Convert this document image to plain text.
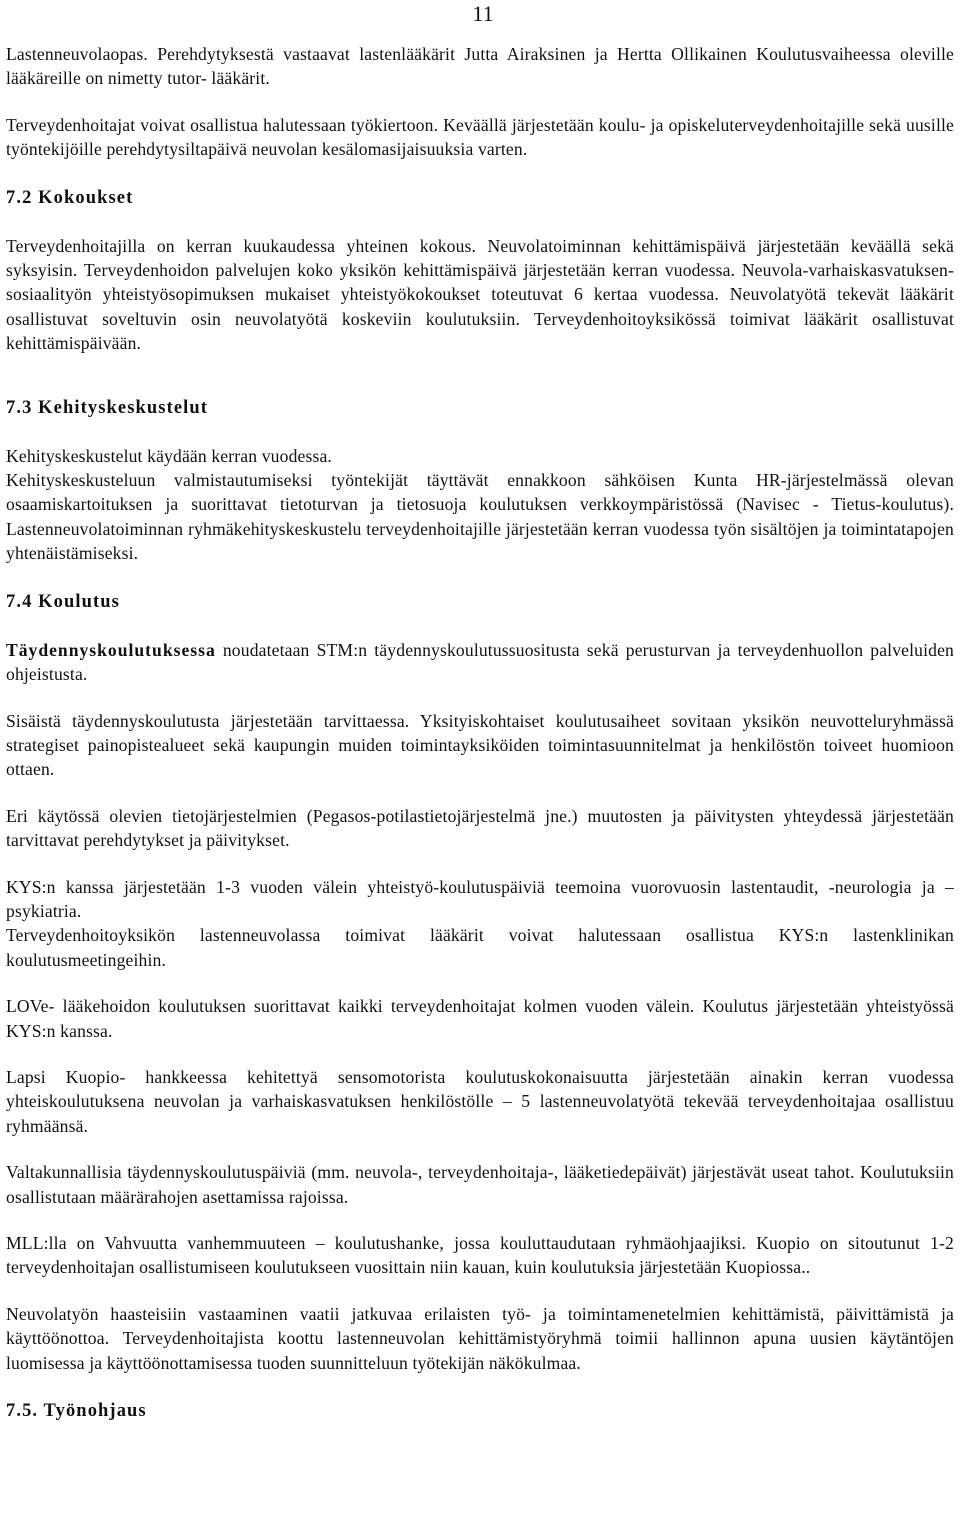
11

Lastenneuvolaopas. Perehdytyksestä vastaavat lastenlääkärit Jutta Airaksinen ja Hertta Ollikainen Koulutusvaiheessa oleville lääkäreille on nimetty tutor- lääkärit.

Terveydenhoitajat voivat osallistua halutessaan työkiertoon. Keväällä järjestetään koulu- ja opiskeluterveydenhoitajille sekä uusille työntekijöille perehdytysiltapäivä neuvolan kesälomasijaisuuksia varten.

7.2 Kokoukset

Terveydenhoitajilla on kerran kuukaudessa yhteinen kokous. Neuvolatoiminnan kehittämispäivä järjestetään keväällä sekä syksyisin. Terveydenhoidon palvelujen koko yksikön kehittämispäivä järjestetään kerran vuodessa. Neuvola-varhaiskasvatuksen-sosiaalityön yhteistyösopimuksen mukaiset yhteistyökokoukset toteutuvat 6 kertaa vuodessa. Neuvolatyötä tekevät lääkärit osallistuvat soveltuvin osin neuvolatyötä koskeviin koulutuksiin. Terveydenhoitoyksikössä toimivat lääkärit osallistuvat kehittämispäivään.

7.3 Kehityskeskustelut

Kehityskeskustelut käydään kerran vuodessa.

Kehityskeskusteluun valmistautumiseksi työntekijät täyttävät ennakkoon sähköisen Kunta HR-järjestelmässä olevan osaamiskartoituksen ja suorittavat tietoturvan ja tietosuoja koulutuksen verkkoympäristössä (Navisec - Tietus-koulutus). Lastenneuvolatoiminnan ryhmäkehityskeskustelu terveydenhoitajille järjestetään kerran vuodessa työn sisältöjen ja toimintatapojen yhtenäistämiseksi.

7.4 Koulutus

Täydennyskoulutuksessa noudatetaan STM:n täydennyskoulutussuositusta sekä perusturvan ja terveydenhuollon palveluiden ohjeistusta.

Sisäistä täydennyskoulutusta järjestetään tarvittaessa. Yksityiskohtaiset koulutusaiheet sovitaan yksikön neuvotteluryhmässä strategiset painopistealueet sekä kaupungin muiden toimintayksiköiden toimintasuunnitelmat ja henkilöstön toiveet huomioon ottaen.

Eri käytössä olevien tietojärjestelmien (Pegasos-potilastietojärjestelmä jne.) muutosten ja päivitysten yhteydessä järjestetään tarvittavat perehdytykset ja päivitykset.

KYS:n kanssa järjestetään 1-3 vuoden välein yhteistyö-koulutuspäiviä teemoina vuorovuosin lastentaudit, -neurologia ja – psykiatria.

Terveydenhoitoyksikön lastenneuvolassa toimivat lääkärit voivat halutessaan osallistua KYS:n lastenklinikan koulutusmeetingeihin.

LOVe- lääkehoidon koulutuksen suorittavat kaikki terveydenhoitajat kolmen vuoden välein. Koulutus järjestetään yhteistyössä KYS:n kanssa.

Lapsi Kuopio- hankkeessa kehitettyä sensomotorista koulutuskokonaisuutta järjestetään ainakin kerran vuodessa yhteiskoulutuksena neuvolan ja varhaiskasvatuksen henkilöstölle – 5 lastenneuvolatyötä tekevää terveydenhoitajaa osallistuu ryhmäänsä.

Valtakunnallisia täydennyskoulutuspäiviä (mm. neuvola-, terveydenhoitaja-, lääketiedepäivät) järjestävät useat tahot. Koulutuksiin osallistutaan määrärahojen asettamissa rajoissa.

MLL:lla on Vahvuutta vanhemmuuteen – koulutushanke, jossa kouluttaudutaan ryhmäohjaajiksi. Kuopio on sitoutunut 1-2 terveydenhoitajan osallistumiseen koulutukseen vuosittain niin kauan, kuin koulutuksia järjestetään Kuopiossa..

Neuvolatyön haasteisiin vastaaminen vaatii jatkuvaa erilaisten työ- ja toimintamenetelmien kehittämistä, päivittämistä ja käyttöönottoa. Terveydenhoitajista koottu lastenneuvolan kehittämistyöryhmä toimii hallinnon apuna uusien käytäntöjen luomisessa ja käyttöönottamisessa tuoden suunnitteluun työtekijän näkökulmaa.

7.5. Työnohjaus
